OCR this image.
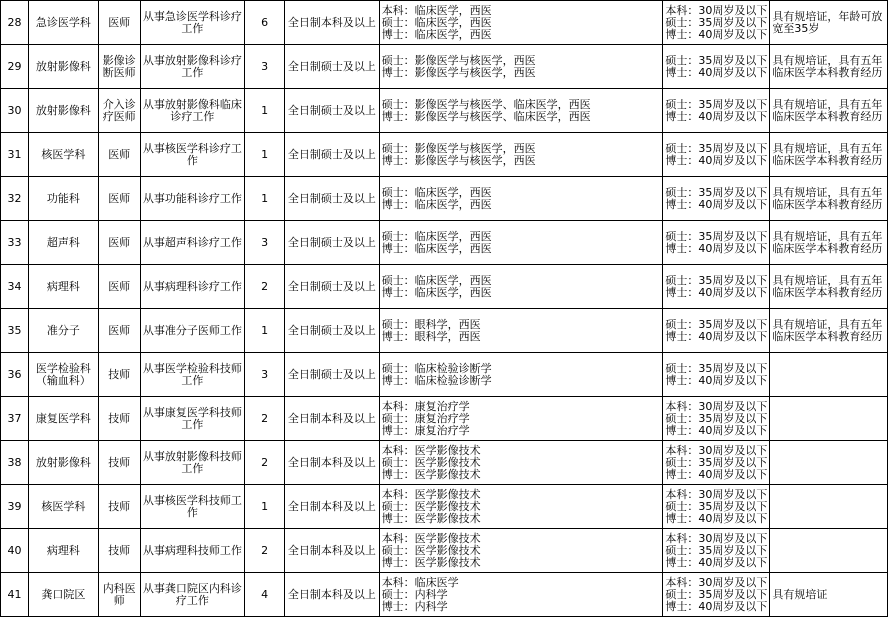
28	急诊医学科	医师	从事急诊医学科诊疗工作	6	全日制本科及以上	本科：临床医学，西医
硕士：临床医学，西医
博士：临床医学，西医	本科：30周岁及以下
硕士：35周岁及以下
博士：40周岁及以下	具有规培证，年龄可放宽至35岁
29	放射影像科	影像诊断医师	从事放射影像科诊疗工作	3	全日制硕士及以上	硕士：影像医学与核医学，西医
博士：影像医学与核医学，西医	硕士：35周岁及以下
博士：40周岁及以下	具有规培证，具有五年临床医学本科教育经历
30	放射影像科	介入诊疗医师	从事放射影像科临床诊疗工作	1	全日制硕士及以上	硕士：影像医学与核医学、临床医学，西医
博士：影像医学与核医学、临床医学，西医	硕士：35周岁及以下
博士：40周岁及以下	具有规培证，具有五年临床医学本科教育经历
31	核医学科	医师	从事核医学科诊疗工作	1	全日制硕士及以上	硕士：影像医学与核医学，西医
博士：影像医学与核医学，西医	硕士：35周岁及以下
博士：40周岁及以下	具有规培证，具有五年临床医学本科教育经历
32	功能科	医师	从事功能科诊疗工作	1	全日制硕士及以上	硕士：临床医学，西医
博士：临床医学，西医	硕士：35周岁及以下
博士：40周岁及以下	具有规培证，具有五年临床医学本科教育经历
33	超声科	医师	从事超声科诊疗工作	3	全日制硕士及以上	硕士：临床医学，西医
博士：临床医学，西医	硕士：35周岁及以下
博士：40周岁及以下	具有规培证，具有五年临床医学本科教育经历
34	病理科	医师	从事病理科诊疗工作	2	全日制硕士及以上	硕士：临床医学，西医
博士：临床医学，西医	硕士：35周岁及以下
博士：40周岁及以下	具有规培证，具有五年临床医学本科教育经历
35	准分子	医师	从事准分子医师工作	1	全日制硕士及以上	硕士：眼科学，西医
博士：眼科学，西医	硕士：35周岁及以下
博士：40周岁及以下	具有规培证，具有五年临床医学本科教育经历
36	医学检验科（输血科）	技师	从事医学检验科技师工作	3	全日制硕士及以上	硕士：临床检验诊断学
博士：临床检验诊断学	硕士：35周岁及以下
博士：40周岁及以下	

37	康复医学科	技师	从事康复医学科技师工作	2	全日制本科及以上	本科：康复治疗学
硕士：康复治疗学
博士：康复治疗学	本科：30周岁及以下
硕士：35周岁及以下
博士：40周岁及以下	

38	放射影像科	技师	从事放射影像科技师工作	2	全日制本科及以上	本科：医学影像技术
硕士：医学影像技术
博士：医学影像技术	本科：30周岁及以下
硕士：35周岁及以下
博士：40周岁及以下	

39	核医学科	技师	从事核医学科技师工作	1	全日制本科及以上	本科：医学影像技术
硕士：医学影像技术
博士：医学影像技术	本科：30周岁及以下
硕士：35周岁及以下
博士：40周岁及以下	

40	病理科	技师	从事病理科技师工作	2	全日制本科及以上	本科：医学影像技术
硕士：医学影像技术
博士：医学影像技术	本科：30周岁及以下
硕士：35周岁及以下
博士：40周岁及以下	

41	龚口院区	内科医师	从事龚口院区内科诊疗工作	4	全日制本科及以上	本科：临床医学
硕士：内科学
博士：内科学	本科：30周岁及以下
硕士：35周岁及以下
博士：40周岁及以下	具有规培证
